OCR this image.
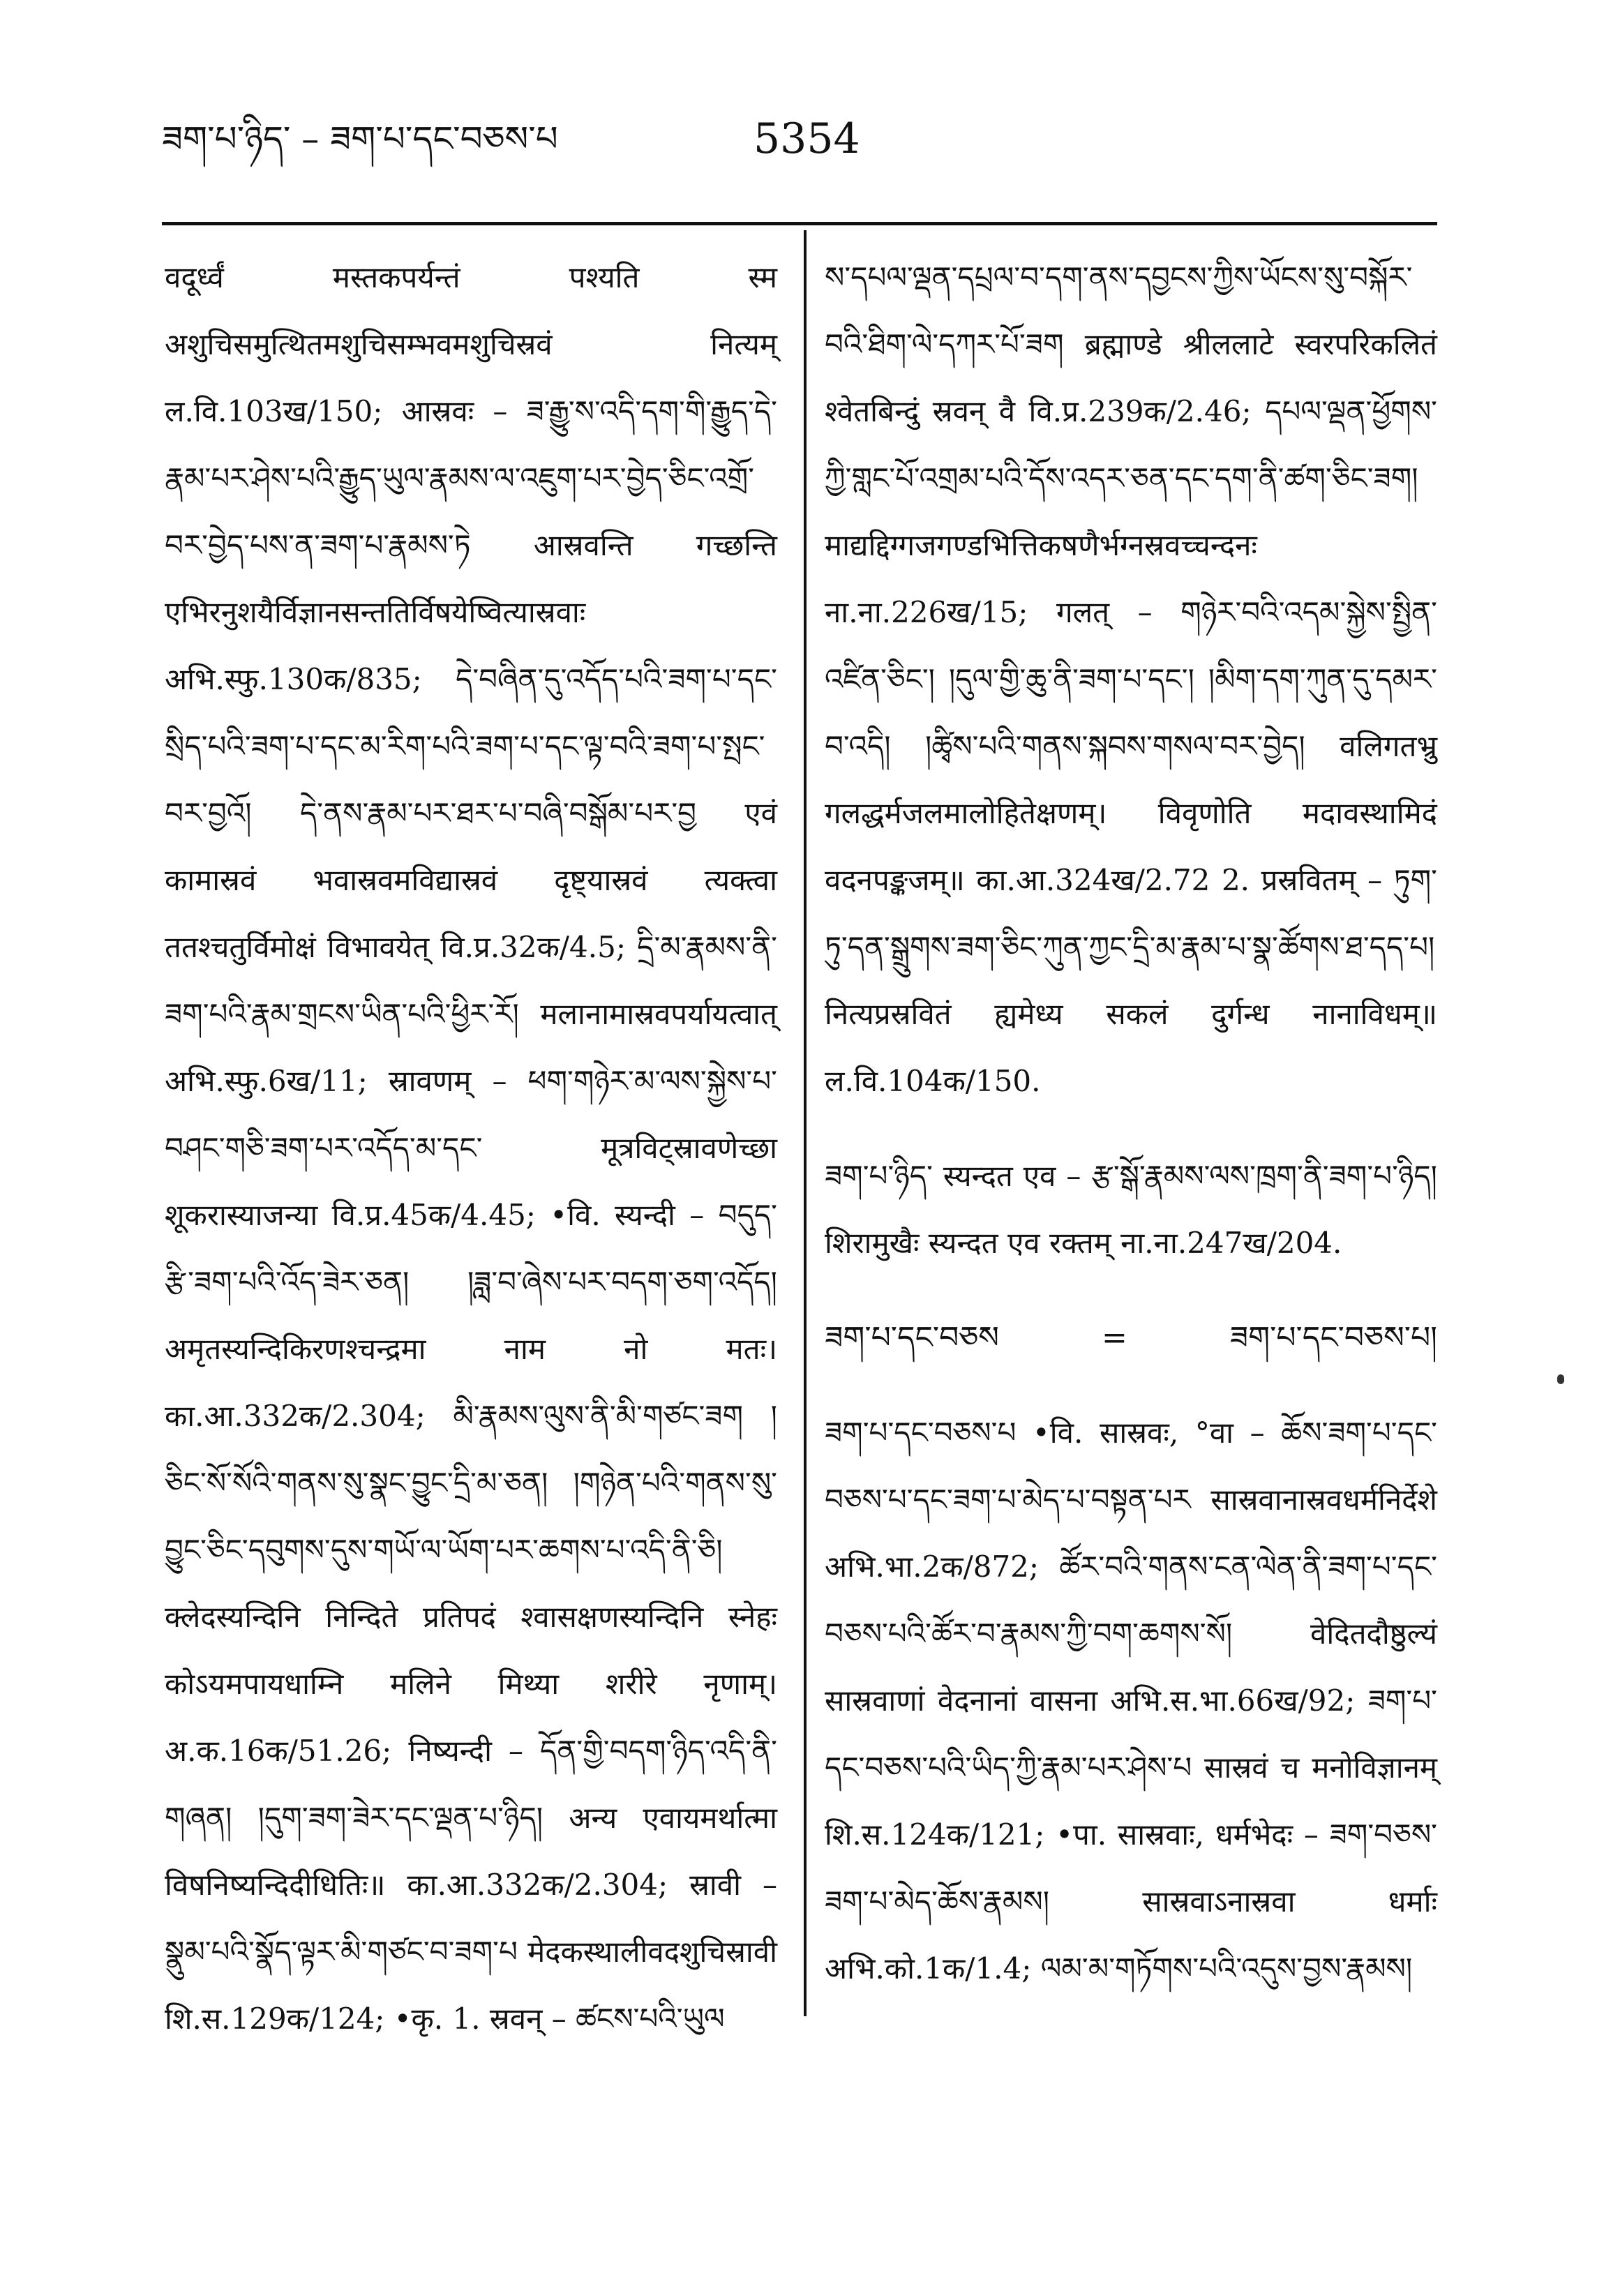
ཟག་པ་ཉིད་ – ཟག་པ་དང་བཅས་པ	5354

वदूर्ध्वं मस्तकपर्यन्तं पश्यति स्म अशुचिसमुत्थितमशुचिसम्भवमशुचिस्रवं नित्यम् ल.वि.103ख/150; आस्रवः – ཟ་རྒྱུ་ས་འདི་དག་གི་རྒྱུད་དེ་རྣམ་པར་ཤེས་པའི་རྒྱུད་ཡུལ་རྣམས་ལ་འཇུག་པར་བྱེད་ཅིང་འགྲོ་བར་བྱེད་པས་ན་ཟག་པ་རྣམས་ཏེ आस्रवन्ति गच्छन्ति एभिरनुशयैर्विज्ञानसन्ततिर्विषयेष्वित्यास्रवाः अभि.स्फु.130क/835; དེ་བཞིན་དུ་འདོད་པའི་ཟག་པ་དང་སྲིད་པའི་ཟག་པ་དང་མ་རིག་པའི་ཟག་པ་དང་ལྟ་བའི་ཟག་པ་སྤང་བར་བྱའོ། དེ་ནས་རྣམ་པར་ཐར་པ་བཞི་བསྒོམ་པར་བྱ एवं कामास्रवं भवास्रवमविद्यास्रवं दृष्ट्यास्रवं त्यक्त्वा ततश्चतुर्विमोक्षं विभावयेत् वि.प्र.32क/4.5; དྲི་མ་རྣམས་ནི་ཟག་པའི་རྣམ་གྲངས་ཡིན་པའི་ཕྱིར་རོ། मलानामास्रवपर्यायत्वात् अभि.स्फु.6ख/11; स्रावणम् – ཕག་གཉེར་མ་ལས་སྐྱེས་པ་བཤང་གཅི་ཟག་པར་འདོད་མ་དང་ मूत्रविट्स्रावणेच्छा शूकरास्याजन्या वि.प्र.45क/4.45; •वि. स्यन्दी – བདུད་རྩི་ཟག་པའི་འོད་ཟེར་ཅན། །ཟླ་བ་ཞེས་པར་བདག་ཅག་འདོད། अमृतस्यन्दिकिरणश्चन्द्रमा नाम नो मतः। का.आ.332क/2.304; མི་རྣམས་ལུས་ནི་མི་གཙང་ཟག །ཅིང་སོ་སོའི་གནས་སུ་སྣང་བྱུང་དྲི་མ་ཅན། །གཉེན་པའི་གནས་སུ་བྱུང་ཅིང་དབུགས་དུས་གཡོ་ལ་ཡོག་པར་ཆགས་པ་འདི་ནི་ཅི། क्लेदस्यन्दिनि निन्दिते प्रतिपदं श्वासक्षणस्यन्दिनि स्नेहः कोऽयमपायधाम्नि मलिने मिथ्या शरीरे नृणाम्। अ.क.16क/51.26; निष्यन्दी – དོན་གྱི་བདག་ཉིད་འདི་ནི་གཞན། །དུག་ཟག་ཟེར་དང་ལྡན་པ་ཉིད། अन्य एवायमर्थात्मा विषनिष्यन्दिदीधितिः॥ का.आ.332क/2.304; स्रावी – སྣུམ་པའི་སྣོད་ལྟར་མི་གཙང་བ་ཟག་པ मेदकस्थालीवदशुचिस्रावी शि.स.129क/124; •कृ. 1. स्रवन् – ཚངས་པའི་ཡུལ

ས་དཔལ་ལྡན་དཔྲལ་བ་དག་ནས་དབྱངས་ཀྱིས་ཡོངས་སུ་བསྐོར་བའི་ཐིག་ལེ་དཀར་པོ་ཟག ब्रह्माण्डे श्रीललाटे स्वरपरिकलितं श्वेतबिन्दुं स्रवन् वै वि.प्र.239क/2.46; དཔལ་ལྡན་ཕྱོགས་ཀྱི་གླང་པོ་འགྲམ་པའི་དོས་འདར་ཅན་དང་དག་ནི་ཚག་ཅིང་ཟག། माद्यद्दिग्गजगण्डभित्तिकषणैर्भग्नस्रवच्चन्दनः ना.ना.226ख/15; गलत् – གཉེར་བའི་འདམ་སྐྱེས་སྤྱིན་འཛིན་ཅིང་། །དུལ་གྱི་ཆུ་ནི་ཟག་པ་དང་། །མིག་དག་ཀུན་དུ་དམར་བ་འདི། །ཚྭིས་པའི་གནས་སྐབས་གསལ་བར་བྱེད། वलिगतभ्रु गलद्धर्मजलमालोहितेक्षणम्। विवृणोति मदावस्थामिदं वदनपङ्कजम्॥ का.आ.324ख/2.72 2. प्रस्रवितम् – ཏུག་ཏུ་དན་སྒྲུགས་ཟག་ཅིང་ཀུན་ཀྱང་དྲི་མ་རྣམ་པ་སྣ་ཚོགས་ཐ་དད་པ། नित्यप्रस्रवितं ह्यमेध्य सकलं दुर्गन्ध नानाविधम्॥ ल.वि.104क/150.

ཟག་པ་ཉིད་ स्यन्दत एव – རྩ་སྒོ་རྣམས་ལས་ཁྲག་ནི་ཟག་པ་ཉིད། शिरामुखैः स्यन्दत एव रक्तम् ना.ना.247ख/204.

ཟག་པ་དང་བཅས	=	ཟག་པ་དང་བཅས་པ།

ཟག་པ་དང་བཅས་པ •वि. सास्रवः, °वा – ཆོས་ཟག་པ་དང་བཅས་པ་དང་ཟག་པ་མེད་པ་བསྟན་པར सास्रवानास्रवधर्मनिर्देशे अभि.भा.2क/872; ཚོར་བའི་གནས་ངན་ལེན་ནི་ཟག་པ་དང་བཅས་པའི་ཚོར་བ་རྣམས་ཀྱི་བག་ཆགས་སོ། वेदितदौष्ठुल्यं सास्रवाणां वेदनानां वासना अभि.स.भा.66ख/92; ཟག་པ་དང་བཅས་པའི་ཡིད་ཀྱི་རྣམ་པར་ཤེས་པ सास्रवं च मनोविज्ञानम् शि.स.124क/121; •पा. सास्रवाः, धर्मभेदः – ཟག་བཅས་ཟག་པ་མེད་ཆོས་རྣམས། सास्रवाऽनास्रवा धर्माः अभि.को.1क/1.4; ལམ་མ་གཏོགས་པའི་འདུས་བྱས་རྣམས།
